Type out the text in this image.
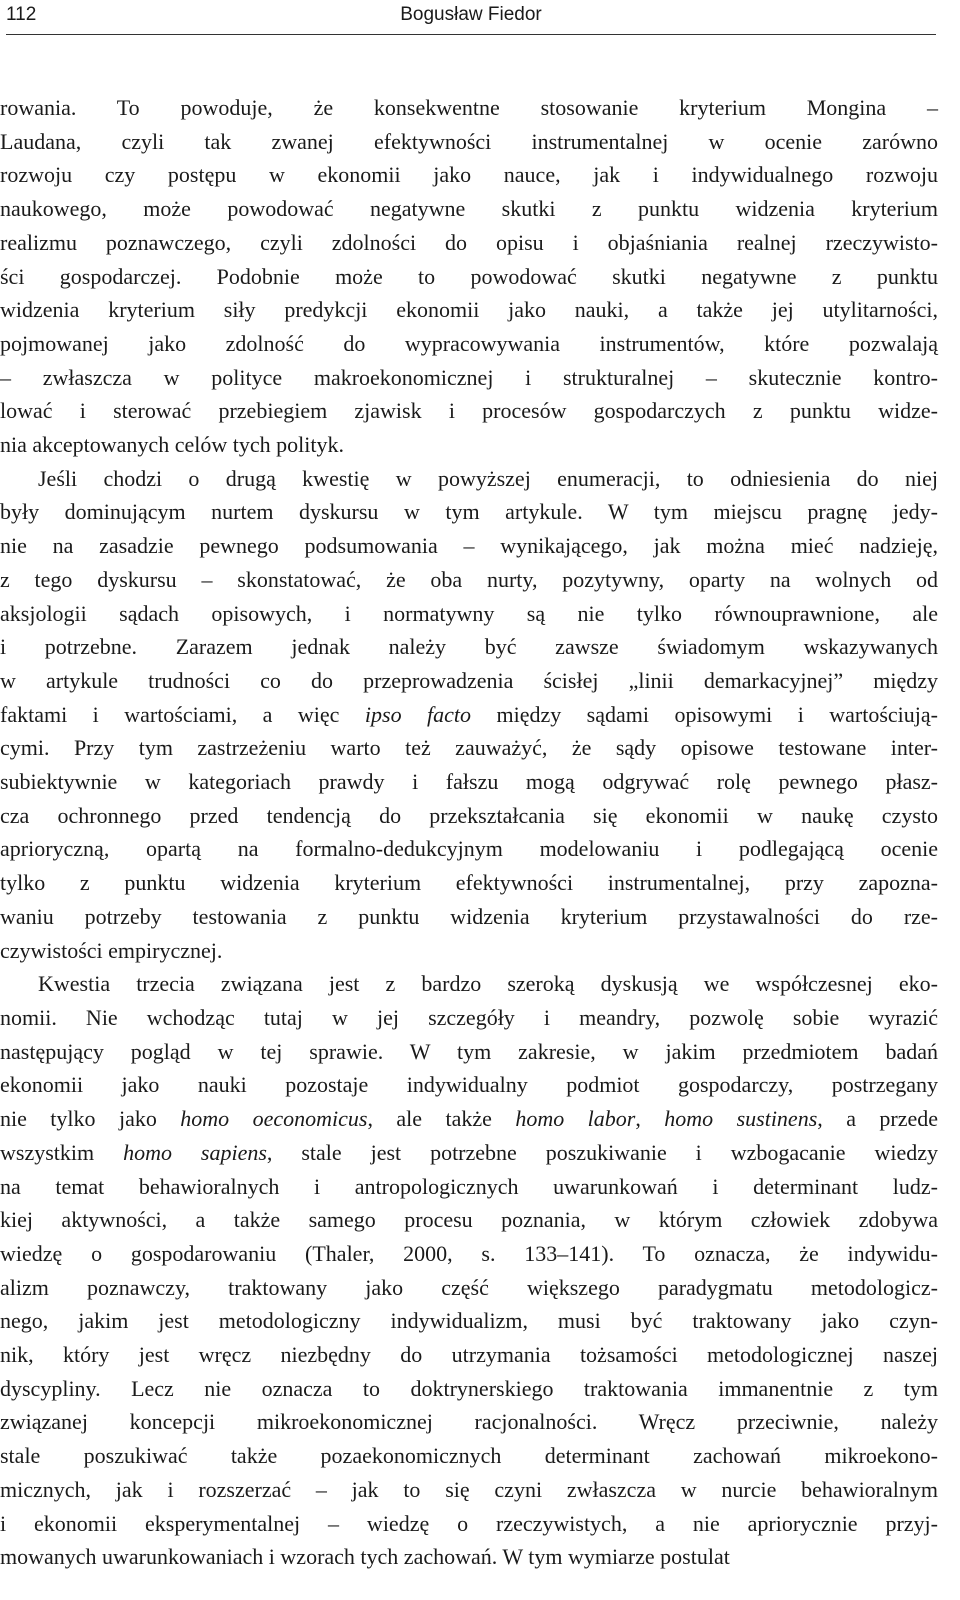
112	Bogusław Fiedor

rowania. To powoduje, że konsekwentne stosowanie kryterium Mongina –
Laudana, czyli tak zwanej efektywności instrumentalnej w ocenie zarówno
rozwoju czy postępu w ekonomii jako nauce, jak i indywidualnego rozwoju
naukowego, może powodować negatywne skutki z punktu widzenia kryterium
realizmu poznawczego, czyli zdolności do opisu i objaśniania realnej rzeczywisto-
ści gospodarczej. Podobnie może to powodować skutki negatywne z punktu
widzenia kryterium siły predykcji ekonomii jako nauki, a także jej utylitarności,
pojmowanej jako zdolność do wypracowywania instrumentów, które pozwalają
– zwłaszcza w polityce makroekonomicznej i strukturalnej – skutecznie kontro-
lować i sterować przebiegiem zjawisk i procesów gospodarczych z punktu widze-
nia akceptowanych celów tych polityk.

Jeśli chodzi o drugą kwestię w powyższej enumeracji, to odniesienia do niej
były dominującym nurtem dyskursu w tym artykule. W tym miejscu pragnę jedy-
nie na zasadzie pewnego podsumowania – wynikającego, jak można mieć nadzieję,
z tego dyskursu – skonstatować, że oba nurty, pozytywny, oparty na wolnych od
aksjologii sądach opisowych, i normatywny są nie tylko równouprawnione, ale
i potrzebne. Zarazem jednak należy być zawsze świadomym wskazywanych
w artykule trudności co do przeprowadzenia ścisłej „linii demarkacyjnej” między
faktami i wartościami, a więc ipso facto między sądami opisowymi i wartościują-
cymi. Przy tym zastrzeżeniu warto też zauważyć, że sądy opisowe testowane inter-
subiektywnie w kategoriach prawdy i fałszu mogą odgrywać rolę pewnego płasz-
cza ochronnego przed tendencją do przekształcania się ekonomii w naukę czysto
aprioryczną, opartą na formalno-dedukcyjnym modelowaniu i podlegającą ocenie
tylko z punktu widzenia kryterium efektywności instrumentalnej, przy zapozna-
waniu potrzeby testowania z punktu widzenia kryterium przystawalności do rze-
czywistości empirycznej.

Kwestia trzecia związana jest z bardzo szeroką dyskusją we współczesnej eko-
nomii. Nie wchodząc tutaj w jej szczegóły i meandry, pozwolę sobie wyrazić
następujący pogląd w tej sprawie. W tym zakresie, w jakim przedmiotem badań
ekonomii jako nauki pozostaje indywidualny podmiot gospodarczy, postrzegany
nie tylko jako homo oeconomicus, ale także homo labor, homo sustinens, a przede
wszystkim homo sapiens, stale jest potrzebne poszukiwanie i wzbogacanie wiedzy
na temat behawioralnych i antropologicznych uwarunkowań i determinant ludz-
kiej aktywności, a także samego procesu poznania, w którym człowiek zdobywa
wiedzę o gospodarowaniu (Thaler, 2000, s. 133–141). To oznacza, że indywidu-
alizm poznawczy, traktowany jako część większego paradygmatu metodologicz-
nego, jakim jest metodologiczny indywidualizm, musi być traktowany jako czyn-
nik, który jest wręcz niezbędny do utrzymania tożsamości metodologicznej naszej
dyscypliny. Lecz nie oznacza to doktrynerskiego traktowania immanentnie z tym
związanej koncepcji mikroekonomicznej racjonalności. Wręcz przeciwnie, należy
stale poszukiwać także pozaekonomicznych determinant zachowań mikroekono-
micznych, jak i rozszerzać – jak to się czyni zwłaszcza w nurcie behawioralnym
i ekonomii eksperymentalnej – wiedzę o rzeczywistych, a nie apriorycznie przyj-
mowanych uwarunkowaniach i wzorach tych zachowań. W tym wymiarze postulat
